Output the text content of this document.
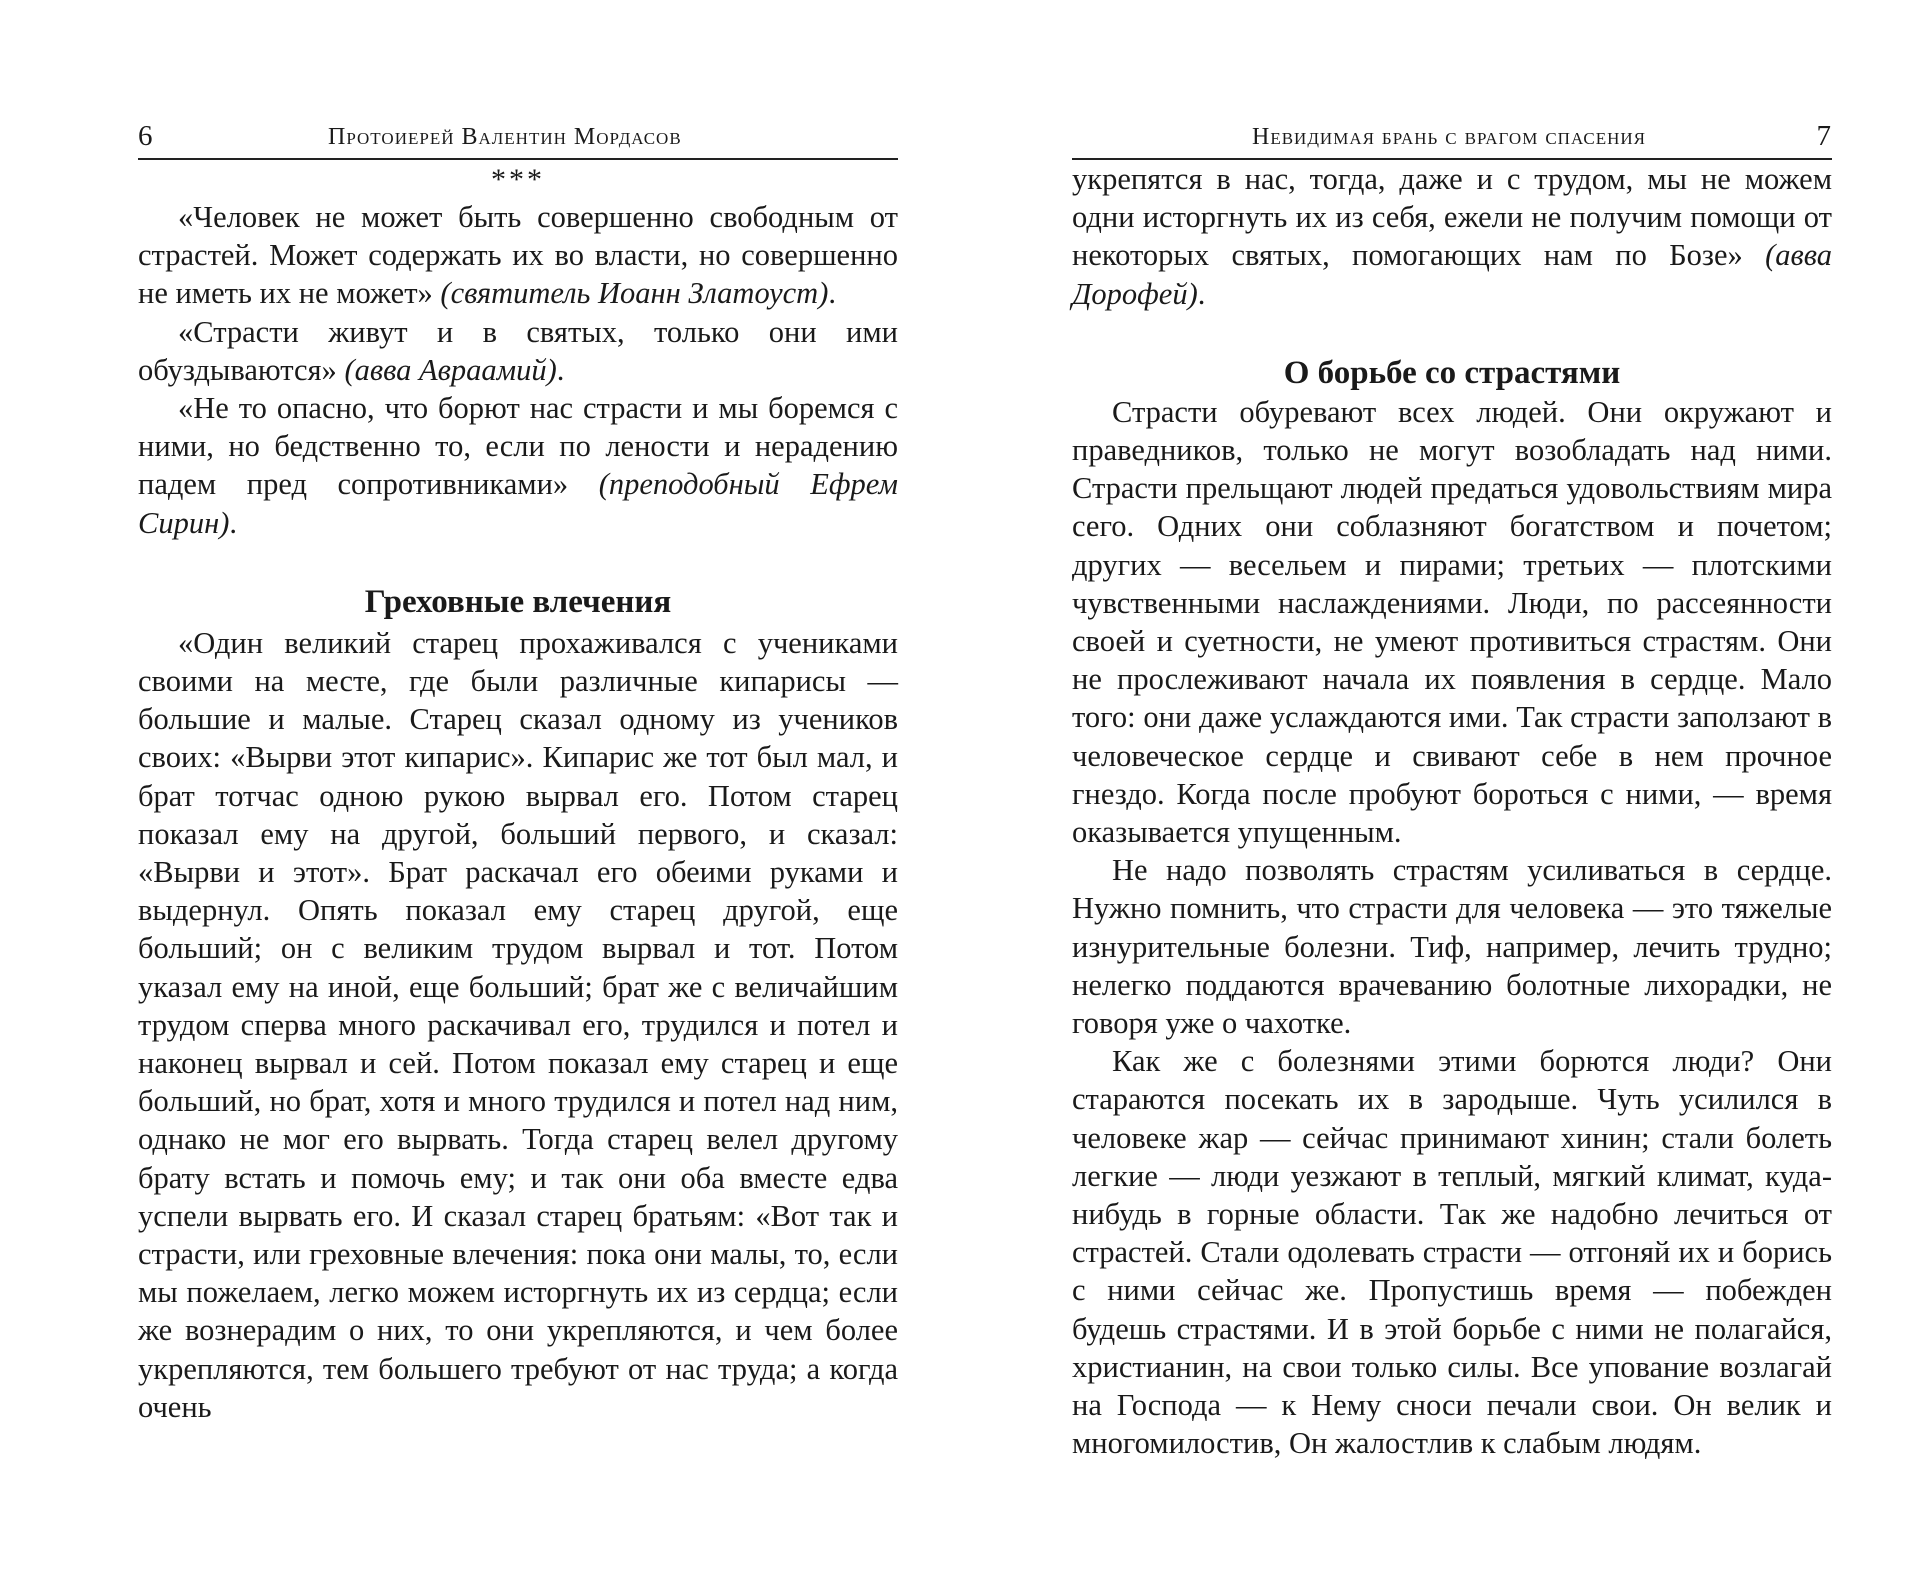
6	Протоиерей Валентин Мордасов
***

«Человек не может быть совершенно свободным от страстей. Может содержать их во власти, но совершенно не иметь их не может» (святитель Иоанн Златоуст).

«Страсти живут и в святых, только они ими обуздываются» (авва Авраамий).

«Не то опасно, что борют нас страсти и мы боремся с ними, но бедственно то, если по лености и нерадению падем пред сопротивниками» (преподобный Ефрем Сирин).

Греховные влечения

«Один великий старец прохаживался с учениками своими на месте, где были различные кипарисы — большие и малые. Старец сказал одному из учеников своих: «Вырви этот кипарис». Кипарис же тот был мал, и брат тотчас одною рукою вырвал его. Потом старец показал ему на другой, больший первого, и сказал: «Вырви и этот». Брат раскачал его обеими руками и выдернул. Опять показал ему старец другой, еще больший; он с великим трудом вырвал и тот. Потом указал ему на иной, еще больший; брат же с величайшим трудом сперва много раскачивал его, трудился и потел и наконец вырвал и сей. Потом показал ему старец и еще больший, но брат, хотя и много трудился и потел над ним, однако не мог его вырвать. Тогда старец велел другому брату встать и помочь ему; и так они оба вместе едва успели вырвать его. И сказал старец братьям: «Вот так и страсти, или греховные влечения: пока они малы, то, если мы пожелаем, легко можем исторгнуть их из сердца; если же вознерадим о них, то они укрепляются, и чем более укрепляются, тем большего требуют от нас труда; а когда очень

Невидимая брань с врагом спасения	7

укрепятся в нас, тогда, даже и с трудом, мы не можем одни исторгнуть их из себя, ежели не получим помощи от некоторых святых, помогающих нам по Бозе» (авва Дорофей).

О борьбе со страстями

Страсти обуревают всех людей. Они окружают и праведников, только не могут возобладать над ними. Страсти прельщают людей предаться удовольствиям мира сего. Одних они соблазняют богатством и почетом; других — весельем и пирами; третьих — плотскими чувственными наслаждениями. Люди, по рассеянности своей и суетности, не умеют противиться страстям. Они не прослеживают начала их появления в сердце. Мало того: они даже услаждаются ими. Так страсти заползают в человеческое сердце и свивают себе в нем прочное гнездо. Когда после пробуют бороться с ними, — время оказывается упущенным.

Не надо позволять страстям усиливаться в сердце. Нужно помнить, что страсти для человека — это тяжелые изнурительные болезни. Тиф, например, лечить трудно; нелегко поддаются врачеванию болотные лихорадки, не говоря уже о чахотке.

Как же с болезнями этими борются люди? Они стараются посекать их в зародыше. Чуть усилился в человеке жар — сейчас принимают хинин; стали болеть легкие — люди уезжают в теплый, мягкий климат, куда-нибудь в горные области. Так же надобно лечиться от страстей. Стали одолевать страсти — отгоняй их и борись с ними сейчас же. Пропустишь время — побежден будешь страстями. И в этой борьбе с ними не полагайся, христианин, на свои только силы. Все упование возлагай на Господа — к Нему сноси печали свои. Он велик и многомилостив, Он жалостлив к слабым людям.
